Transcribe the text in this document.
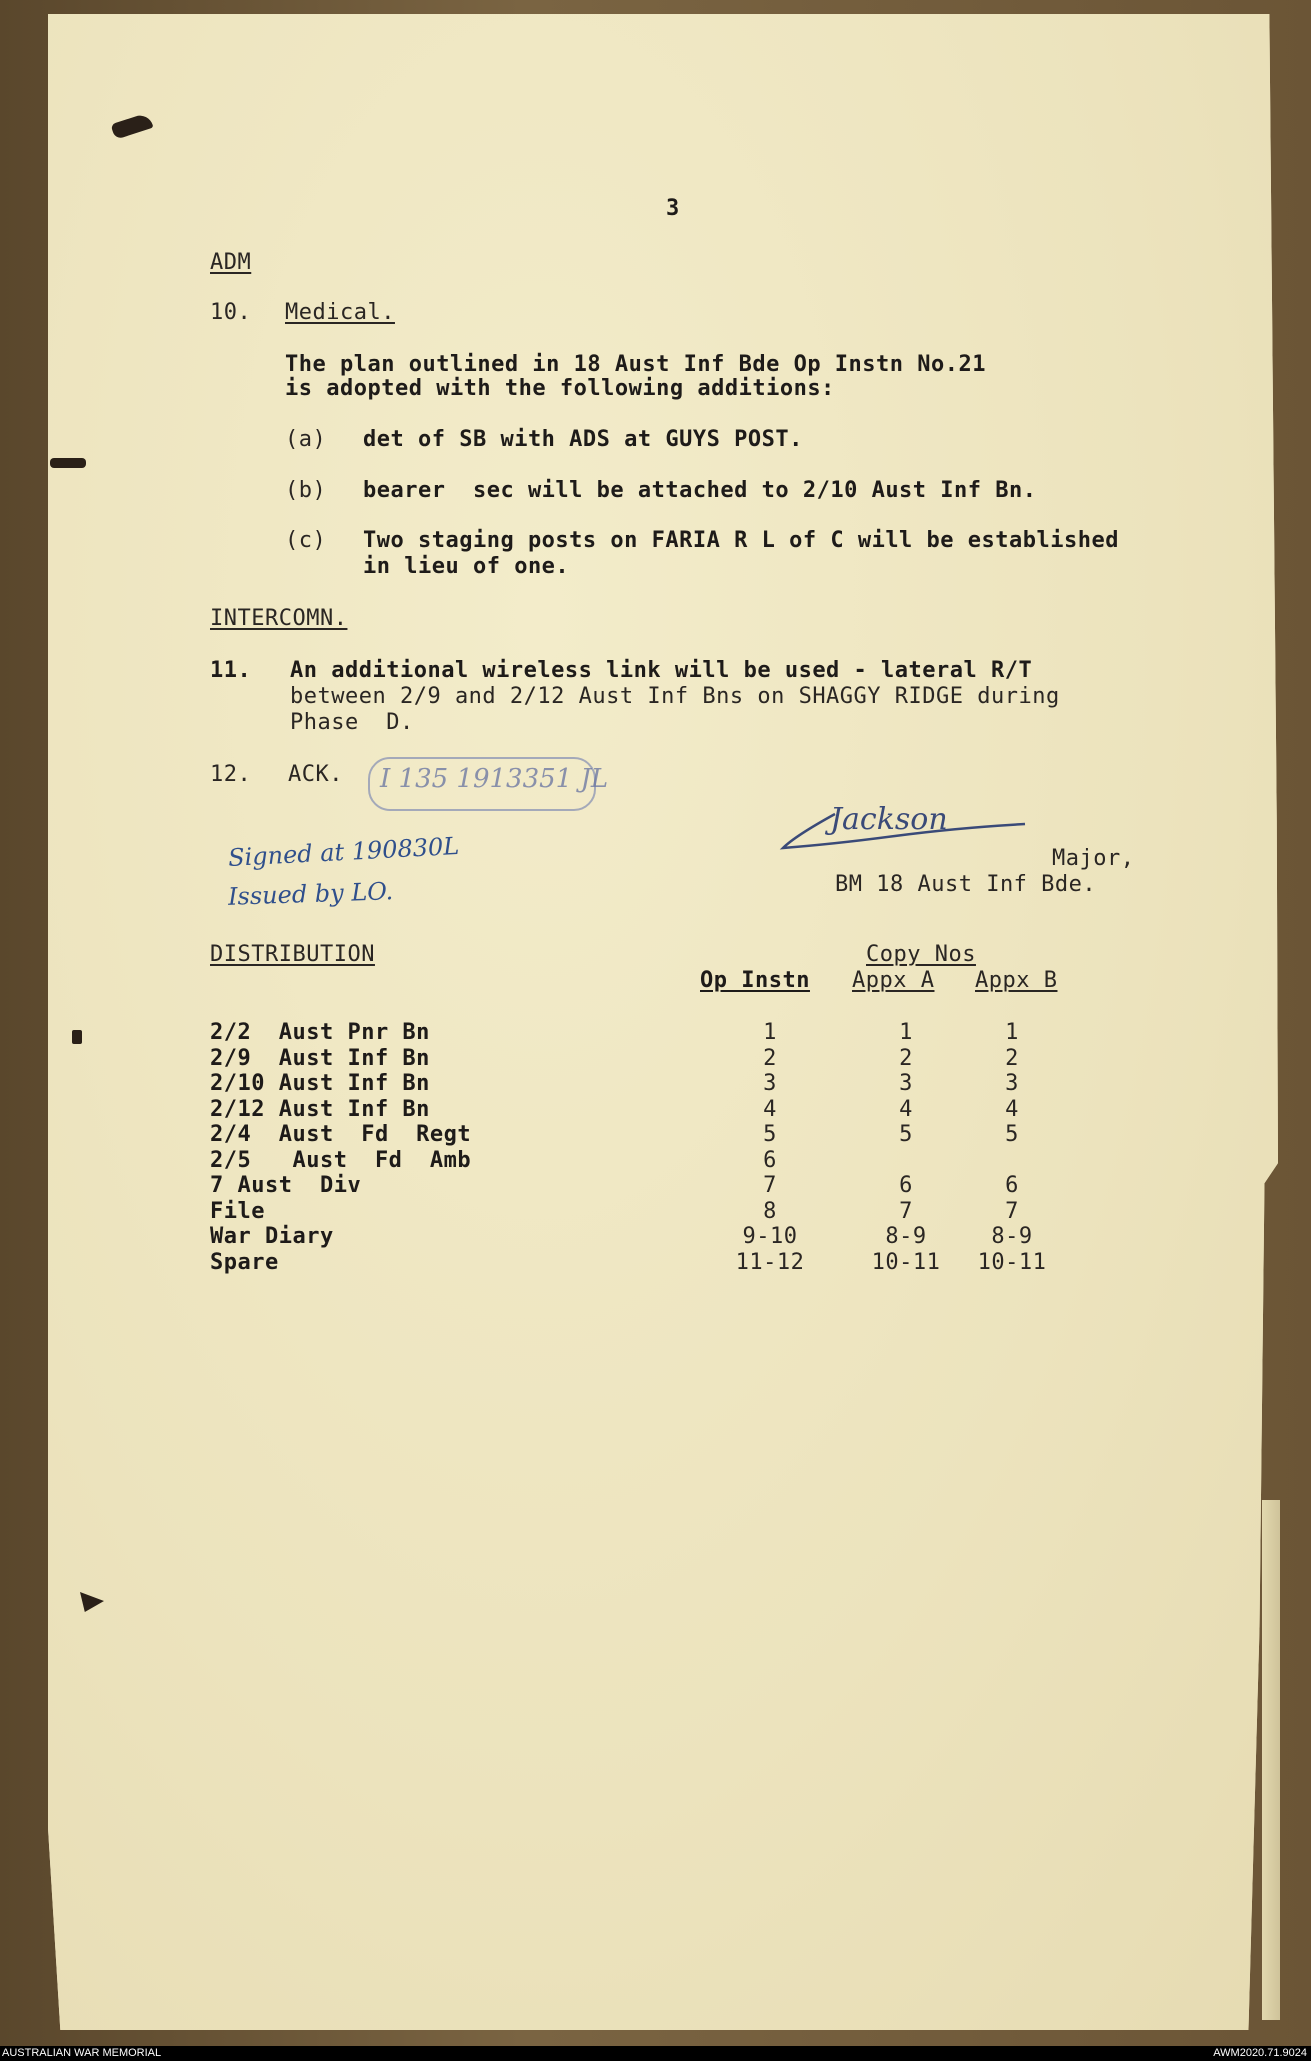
3
ADM
10. Medical.
The plan outlined in 18 Aust Inf Bde Op Instn No.21
is adopted with the following additions:
(a) det of SB with ADS at GUYS POST.
(b) bearer  sec will be attached to 2/10 Aust Inf Bn.
(c) Two staging posts on FARIA R L of C will be established
in lieu of one.
INTERCOMN.
11. An additional wireless link will be used - lateral R/T
between 2/9 and 2/12 Aust Inf Bns on SHAGGY RIDGE during
Phase  D.
12. ACK. I 135 1913351 JL
Signed at 190830L
Issued by LO.
Jackson
Major,
BM 18 Aust Inf Bde.
DISTRIBUTION	Copy Nos
Op Instn Appx A Appx B
2/2  Aust Pnr Bn	1	1	1
2/9  Aust Inf Bn	2	2	2
2/10 Aust Inf Bn	3	3	3
2/12 Aust Inf Bn	4	4	4
2/4  Aust  Fd  Regt	5	5	5
2/5   Aust  Fd  Amb	6
7 Aust  Div	7	6	6
File	8	7	7
War Diary	9-10	8-9	8-9
Spare	11-12	10-11 10-11
AUSTRALIAN WAR MEMORIAL	AWM2020.71.9024
